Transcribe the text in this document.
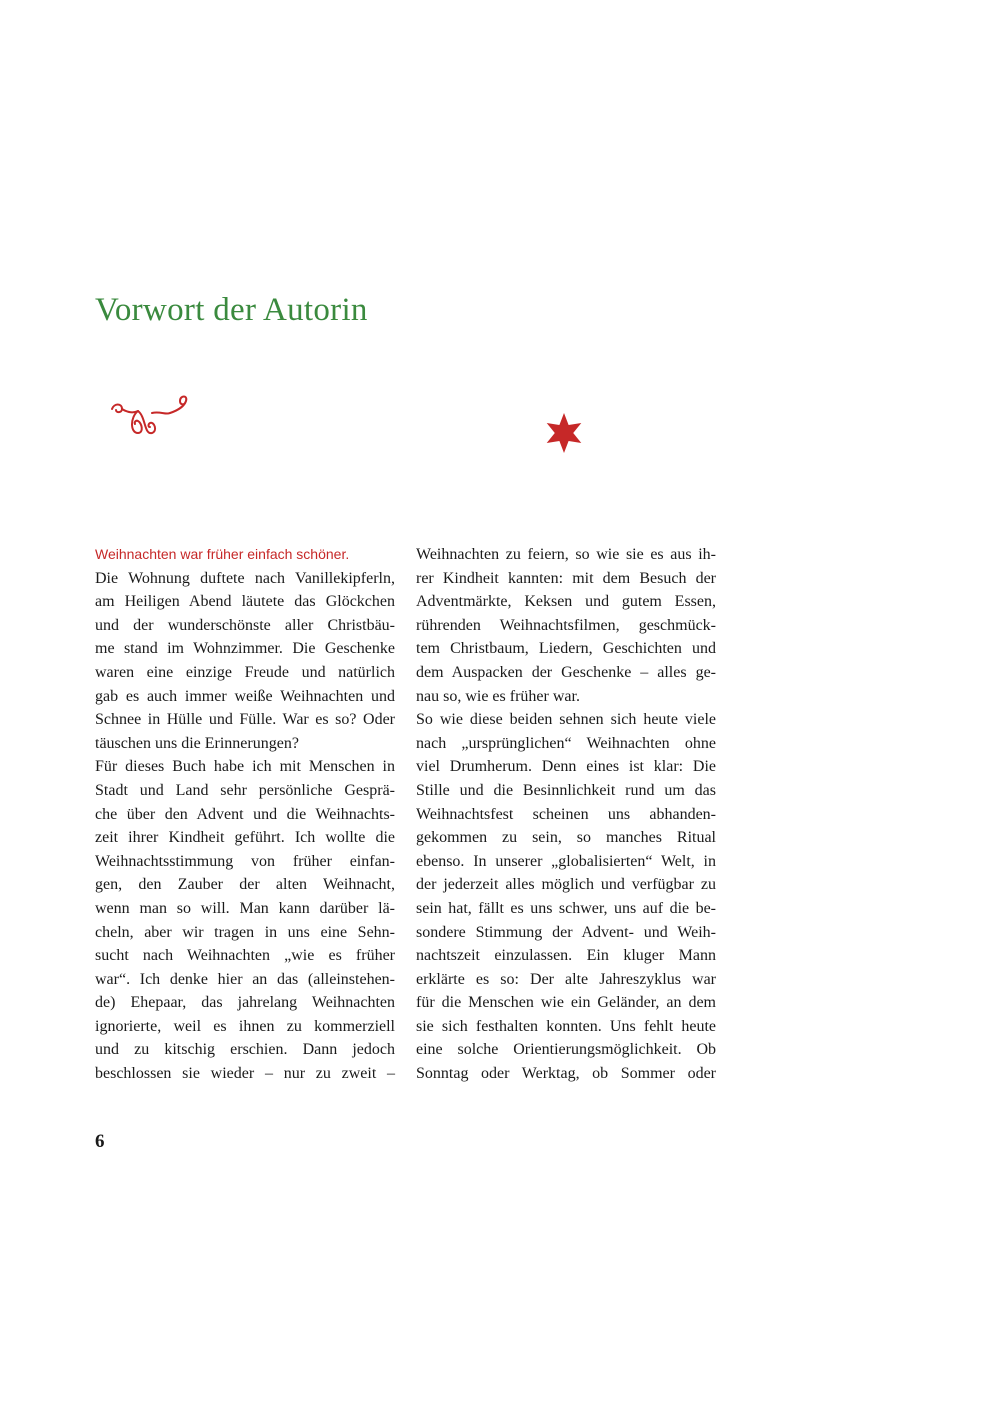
Vorwort der Autorin
Weihnachten war früher einfach schöner.
Die Wohnung duftete nach Vanillekipferln,
am Heiligen Abend läutete das Glöckchen
und der wunderschönste aller Christbäu-
me stand im Wohnzimmer. Die Geschenke
waren eine einzige Freude und natürlich
gab es auch immer weiße Weihnachten und
Schnee in Hülle und Fülle. War es so? Oder
täuschen uns die Erinnerungen?
Für dieses Buch habe ich mit Menschen in
Stadt und Land sehr persönliche Gesprä-
che über den Advent und die Weihnachts-
zeit ihrer Kindheit geführt. Ich wollte die
Weihnachtsstimmung von früher einfan-
gen, den Zauber der alten Weihnacht,
wenn man so will. Man kann darüber lä-
cheln, aber wir tragen in uns eine Sehn-
sucht nach Weihnachten „wie es früher
war“. Ich denke hier an das (alleinstehen-
de) Ehepaar, das jahrelang Weihnachten
ignorierte, weil es ihnen zu kommerziell
und zu kitschig erschien. Dann jedoch
beschlossen sie wieder – nur zu zweit –
Weihnachten zu feiern, so wie sie es aus ih-
rer Kindheit kannten: mit dem Besuch der
Adventmärkte, Keksen und gutem Essen,
rührenden Weihnachtsfilmen, geschmück-
tem Christbaum, Liedern, Geschichten und
dem Auspacken der Geschenke – alles ge-
nau so, wie es früher war.
So wie diese beiden sehnen sich heute viele
nach „ursprünglichen“ Weihnachten ohne
viel Drumherum. Denn eines ist klar: Die
Stille und die Besinnlichkeit rund um das
Weihnachtsfest scheinen uns abhanden-
gekommen zu sein, so manches Ritual
ebenso. In unserer „globalisierten“ Welt, in
der jederzeit alles möglich und verfügbar zu
sein hat, fällt es uns schwer, uns auf die be-
sondere Stimmung der Advent- und Weih-
nachtszeit einzulassen. Ein kluger Mann
erklärte es so: Der alte Jahreszyklus war
für die Menschen wie ein Geländer, an dem
sie sich festhalten konnten. Uns fehlt heute
eine solche Orientierungsmöglichkeit. Ob
Sonntag oder Werktag, ob Sommer oder
6
